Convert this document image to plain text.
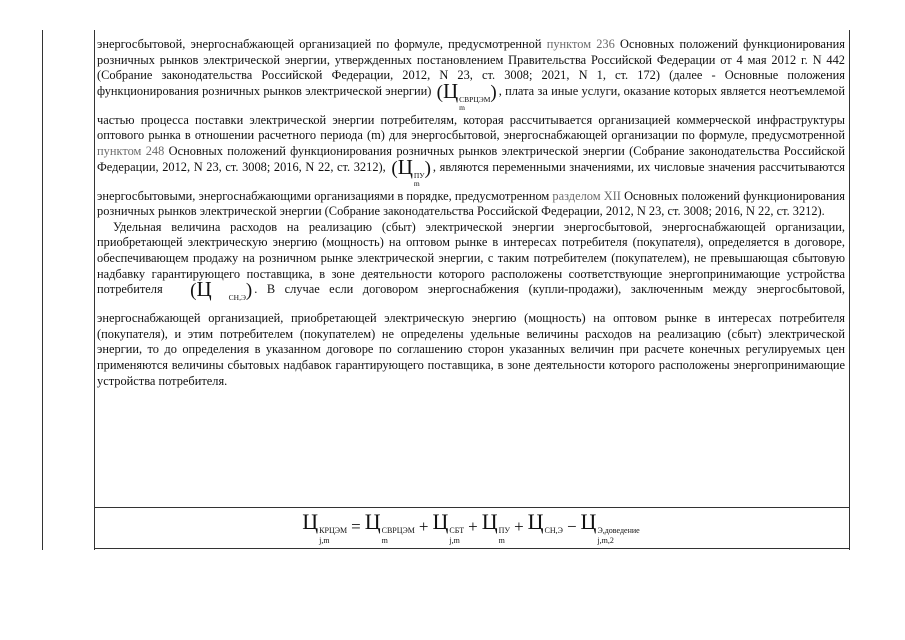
энергосбытовой, энергоснабжающей организацией по формуле, предусмотренной пунктом 236 Основных положений функционирования розничных рынков электрической энергии, утвержденных постановлением Правительства Российской Федерации от 4 мая 2012 г. N 442 (Собрание законодательства Российской Федерации, 2012, N 23, ст. 3008; 2021, N 1, ст. 172) (далее - Основные положения функционирования розничных рынков электрической энергии) (Ц СВРЦЭМ
m
) , плата за иные услуги, оказание которых является неотъемлемой частью процесса поставки электрической энергии потребителям, которая рассчитывается организацией коммерческой инфраструктуры оптового рынка в отношении расчетного периода (m) для энергосбытовой, энергоснабжающей организации по формуле, предусмотренной пунктом 248 Основных положений функционирования розничных рынков электрической энергии (Собрание законодательства Российской Федерации, 2012, N 23, ст. 3008; 2016, N 22, ст. 3212), (Ц ПУ
m
) , являются переменными значениями, их числовые значения рассчитываются энергосбытовыми, энергоснабжающими организациями в порядке, предусмотренном разделом XII Основных положений функционирования розничных рынков электрической энергии (Собрание законодательства Российской Федерации, 2012, N 23, ст. 3008; 2016, N 22, ст. 3212).

Удельная величина расходов на реализацию (сбыт) электрической энергии энергосбытовой, энергоснабжающей организации, приобретающей электрическую энергию (мощность) на оптовом рынке в интересах потребителя (покупателя), определяется в договоре, обеспечивающем продажу на розничном рынке электрической энергии, с таким потребителем (покупателем), не превышающая сбытовую надбавку гарантирующего поставщика, в зоне деятельности которого расположены соответствующие энергопринимающие устройства потребителя (Ц	СН,Э
) . В случае если договором энергоснабжения (купли-продажи), заключенным между энергосбытовой, энергоснабжающей организацией, приобретающей электрическую энергию (мощность) на оптовом рынке в интересах потребителя (покупателя), и этим потребителем (покупателем) не определены удельные величины расходов на реализацию (сбыт) электрической энергии, то до определения в указанном договоре по соглашению сторон указанных величин при расчете конечных регулируемых цен применяются величины сбытовых надбавок гарантирующего поставщика, в зоне деятельности которого расположены энергопринимающие устройства потребителя.

Ц КРЦЭМ
j,m
= Ц СВРЦЭМ
m
+ Ц СБТ
j,m
+ Ц ПУ
m
+ Ц СН,Э
− Ц Э,доведение
j,m,2
